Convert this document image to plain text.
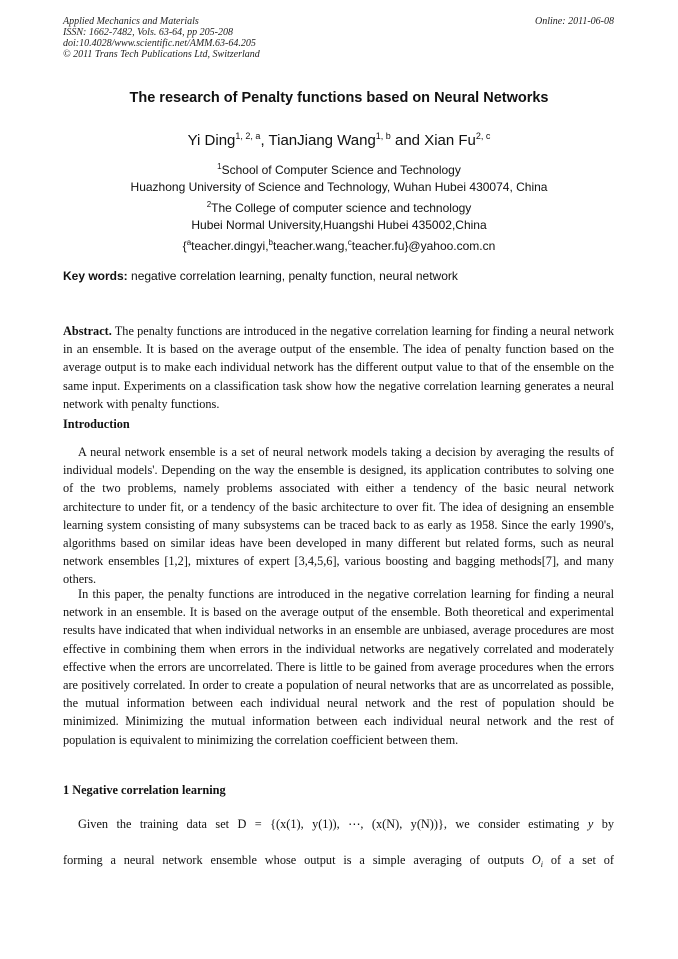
Applied Mechanics and Materials
ISSN: 1662-7482, Vols. 63-64, pp 205-208
doi:10.4028/www.scientific.net/AMM.63-64.205
© 2011 Trans Tech Publications Ltd, Switzerland
Online: 2011-06-08
The research of Penalty functions based on Neural Networks
Yi Ding$^{1, 2, a}$, TianJiang Wang$^{1, b}$ and Xian Fu$^{2, c}$
$^1$School of Computer Science and Technology
Huazhong University of Science and Technology, Wuhan Hubei 430074, China
$^2$The College of computer science and technology
Hubei Normal University,Huangshi Hubei 435002,China
{$^a$teacher.dingyi,$^b$teacher.wang,$^c$teacher.fu}@yahoo.com.cn
Key words: negative correlation learning, penalty function, neural network
Abstract. The penalty functions are introduced in the negative correlation learning for finding a neural network in an ensemble. It is based on the average output of the ensemble. The idea of penalty function based on the average output is to make each individual network has the different output value to that of the ensemble on the same input. Experiments on a classification task show how the negative correlation learning generates a neural network with penalty functions.
Introduction
A neural network ensemble is a set of neural network models taking a decision by averaging the results of individual models'. Depending on the way the ensemble is designed, its application contributes to solving one of the two problems, namely problems associated with either a tendency of the basic neural network architecture to under fit, or a tendency of the basic architecture to over fit. The idea of designing an ensemble learning system consisting of many subsystems can be traced back to as early as 1958. Since the early 1990's, algorithms based on similar ideas have been developed in many different but related forms, such as neural network ensembles [1,2], mixtures of expert [3,4,5,6], various boosting and bagging methods[7], and many others.
In this paper, the penalty functions are introduced in the negative correlation learning for finding a neural network in an ensemble. It is based on the average output of the ensemble. Both theoretical and experimental results have indicated that when individual networks in an ensemble are unbiased, average procedures are most effective in combining them when errors in the individual networks are negatively correlated and moderately effective when the errors are uncorrelated. There is little to be gained from average procedures when the errors are positively correlated. In order to create a population of neural networks that are as uncorrelated as possible, the mutual information between each individual neural network and the rest of population should be minimized. Minimizing the mutual information between each individual neural network and the rest of population is equivalent to minimizing the correlation coefficient between them.
1 Negative correlation learning
Given the training data set D = {(x(1), y(1)), ⋯, (x(N), y(N))}, we consider estimating y by
forming a neural network ensemble whose output is a simple averaging of outputs $O_i$ of a set of
